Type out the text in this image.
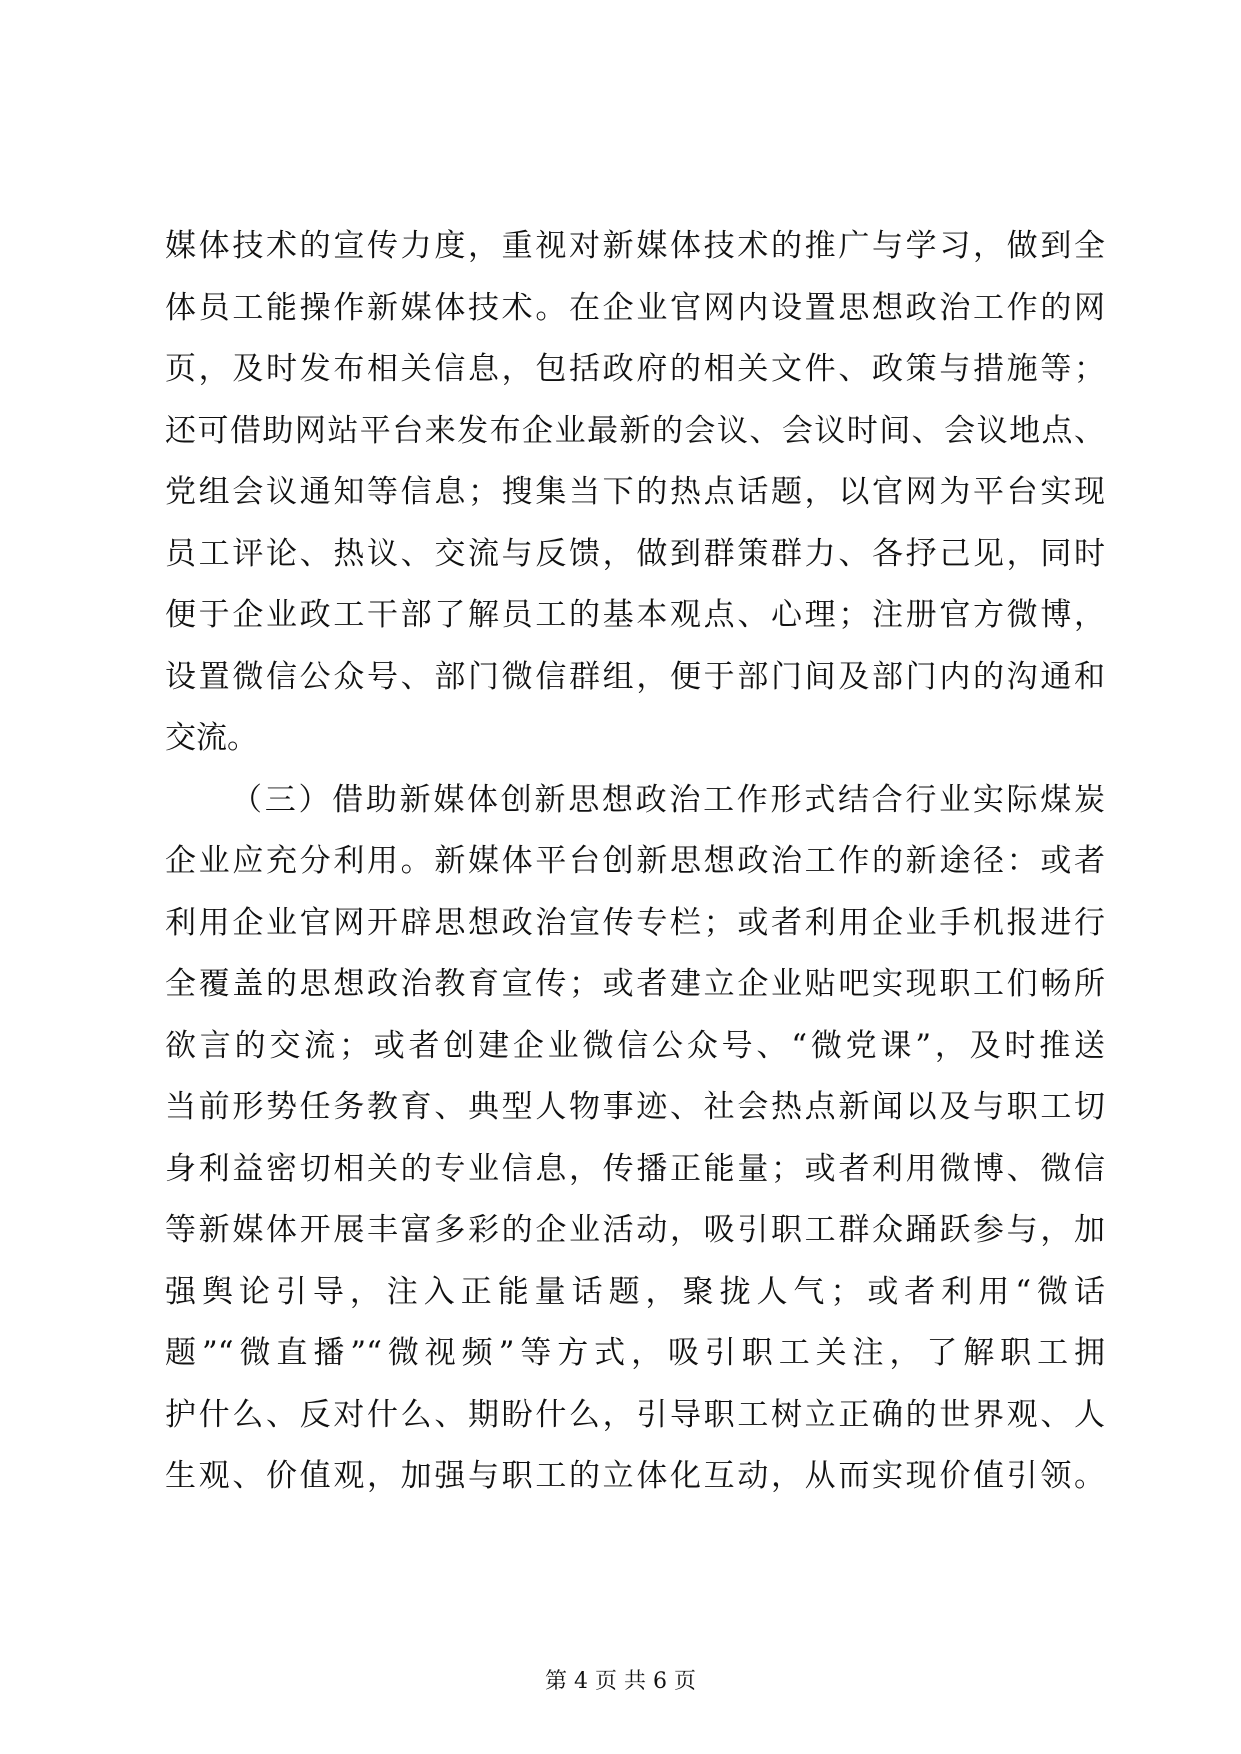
媒体技术的宣传力度，重视对新媒体技术的推广与学习，做到全
体员工能操作新媒体技术。在企业官网内设置思想政治工作的网
页，及时发布相关信息，包括政府的相关文件、政策与措施等；
还可借助网站平台来发布企业最新的会议、会议时间、会议地点、
党组会议通知等信息；搜集当下的热点话题，以官网为平台实现
员工评论、热议、交流与反馈，做到群策群力、各抒己见，同时
便于企业政工干部了解员工的基本观点、心理；注册官方微博，
设置微信公众号、部门微信群组，便于部门间及部门内的沟通和
交流。
（三）借助新媒体创新思想政治工作形式结合行业实际煤炭
企业应充分利用。新媒体平台创新思想政治工作的新途径：或者
利用企业官网开辟思想政治宣传专栏；或者利用企业手机报进行
全覆盖的思想政治教育宣传；或者建立企业贴吧实现职工们畅所
欲言的交流；或者创建企业微信公众号、“微党课”，及时推送
当前形势任务教育、典型人物事迹、社会热点新闻以及与职工切
身利益密切相关的专业信息，传播正能量；或者利用微博、微信
等新媒体开展丰富多彩的企业活动，吸引职工群众踊跃参与，加
强舆论引导，注入正能量话题，聚拢人气；或者利用“微话
题”“微直播”“微视频”等方式，吸引职工关注，了解职工拥
护什么、反对什么、期盼什么，引导职工树立正确的世界观、人
生观、价值观，加强与职工的立体化互动，从而实现价值引领。
第 4 页 共 6 页
